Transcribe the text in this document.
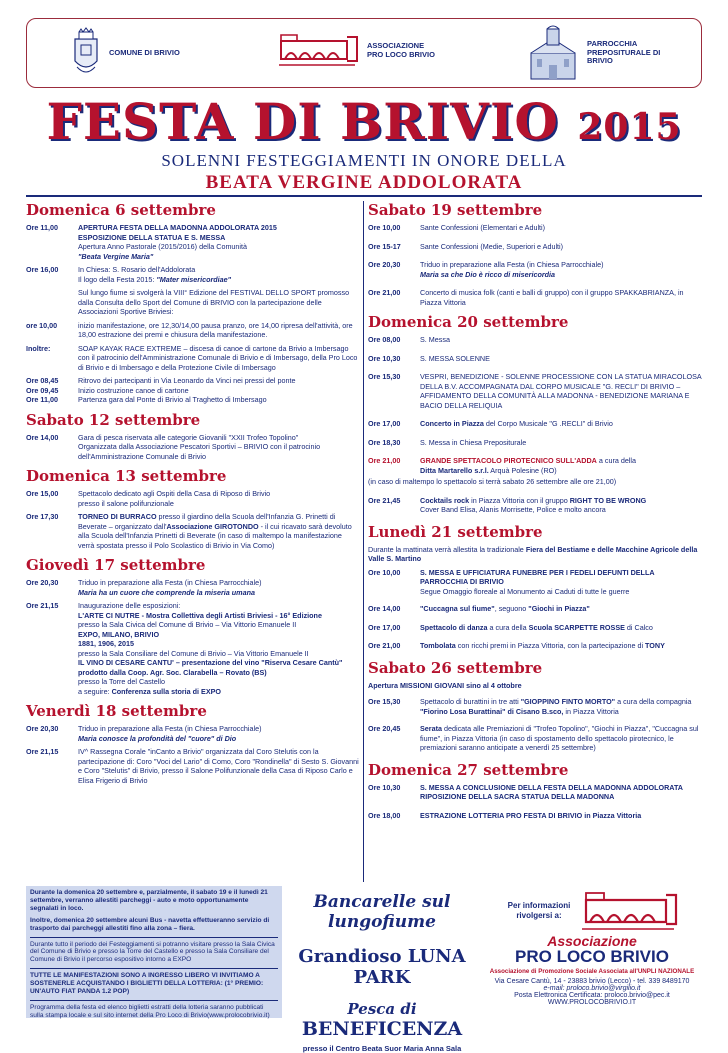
COMUNE DI BRIVIO
ASSOCIAZIONE PRO LOCO BRIVIO
PARROCCHIA PREPOSITURALE DI BRIVIO
FESTA DI BRIVIO 2015
SOLENNI FESTEGGIAMENTI IN ONORE DELLA
BEATA VERGINE ADDOLORATA
Domenica 6 settembre
Ore 11,00	APERTURA FESTA DELLA MADONNA ADDOLORATA 2015
ESPOSIZIONE DELLA STATUA E S. MESSA
Apertura Anno Pastorale (2015/2016) della Comunità
"Beata Vergine Maria"
Ore 16,00	In Chiesa: S. Rosario dell'Addolorata
Il logo della Festa 2015: "Mater misericordiae"
Sul lungo fiume si svolgerà la VIII° Edizione del FESTIVAL DELLO SPORT promosso dalla Consulta dello Sport del Comune di BRIVIO con la partecipazione delle Associazioni Sportive Briviesi:
ore 10,00	inizio manifestazione, ore 12,30/14,00 pausa pranzo, ore 14,00 ripresa dell'attività, ore 18,00 estrazione dei premi e chiusura della manifestazione.
Inoltre:	SOAP KAYAK RACE EXTREME – discesa di canoe di cartone da Brivio a Imbersago con il patrocinio dell'Amministrazione Comunale di Brivio e di Imbersago, della Pro Loco di Brivio e di Imbersago e della Protezione Civile di Imbersago
Ore 08,45	Ritrovo dei partecipanti in Via Leonardo da Vinci nei pressi del ponte
Ore 09,45	Inizio costruzione canoe di cartone
Ore 11,00	Partenza gara dal Ponte di Brivio al Traghetto di Imbersago
Sabato 12 settembre
Ore 14,00	Gara di pesca riservata alle categorie Giovanili "XXII Trofeo Topolino"
Organizzata dalla Associazione Pescatori Sportivi – BRIVIO con il patrocinio dell'Amministrazione Comunale di Brivio
Domenica 13 settembre
Ore 15,00	Spettacolo dedicato agli Ospiti della Casa di Riposo di Brivio
presso il salone polifunzionale
Ore 17,30	TORNEO DI BURRACO presso il giardino della Scuola dell'Infanzia G. Prinetti di Beverate – organizzato dall'Associazione GIROTONDO - il cui ricavato sarà devoluto alla Scuola dell'Infanzia Prinetti di Beverate (in caso di maltempo la manifestazione verrà spostata presso il Polo Scolastico di Brivio in Via Como)
Giovedì 17 settembre
Ore 20,30	Triduo in preparazione alla Festa (in Chiesa Parrocchiale)
Maria ha un cuore che comprende la miseria umana
Ore 21,15	Inaugurazione delle esposizioni:
L'ARTE CI NUTRE - Mostra Collettiva degli Artisti Briviesi - 16° Edizione
presso la Sala Civica del Comune di Brivio – Via Vittorio Emanuele II
EXPO, MILANO, BRIVIO
1881, 1906, 2015
presso la Sala Consiliare del Comune di Brivio – Via Vittorio Emanuele II
IL VINO DI CESARE CANTU' – presentazione del vino "Riserva Cesare Cantù" prodotto dalla Coop. Agr. Soc. Clarabella – Rovato (BS)
presso la Torre del Castello
a seguire: Conferenza sulla storia di EXPO
Venerdì 18 settembre
Ore 20,30	Triduo in preparazione alla Festa (in Chiesa Parrocchiale)
Maria conosce la profondità del "cuore" di Dio
Ore 21,15	IV^ Rassegna Corale "inCanto a Brivio" organizzata dal Coro Stelutis con la partecipazione di: Coro "Voci del Lario" di Como, Coro "Rondinella" di Sesto S. Giovanni e Coro "Stelutis" di Brivio, presso il Salone Polifunzionale della Casa di Riposo Carlo e Elisa Frigerio di Brivio
Sabato 19 settembre
Ore 10,00	Sante Confessioni (Elementari e Adulti)
Ore 15-17	Sante Confessioni (Medie, Superiori e Adulti)
Ore 20,30	Triduo in preparazione alla Festa (in Chiesa Parrocchiale)
Maria sa che Dio è ricco di misericordia
Ore 21,00	Concerto di musica folk (canti e balli di gruppo) con il gruppo SPAKKABRIANZA, in Piazza Vittoria
Domenica 20 settembre
Ore 08,00	S. Messa
Ore 10,30	S. MESSA SOLENNE
Ore 15,30	VESPRI, BENEDIZIONE - SOLENNE PROCESSIONE CON LA STATUA MIRACOLOSA DELLA B.V. ACCOMPAGNATA DAL CORPO MUSICALE "G. RECLI" DI BRIVIO – AFFIDAMENTO DELLA COMUNITÀ ALLA MADONNA - BENEDIZIONE MARIANA E BACIO DELLA RELIQUIA
Ore 17,00	Concerto in Piazza del Corpo Musicale "G .RECLI" di Brivio
Ore 18,30	S. Messa in Chiesa Prepositurale
Ore 21,00	GRANDE SPETTACOLO PIROTECNICO SULL'ADDA a cura della
Ditta Martarello s.r.l. Arquà Polesine (RO)
(in caso di maltempo lo spettacolo si terrà sabato 26 settembre alle ore 21,00)
Ore 21,45	Cocktails rock in Piazza Vittoria con il gruppo RIGHT TO BE WRONG
Cover Band Elisa, Alanis Morrisette, Police e molto ancora
Lunedì 21 settembre
Durante la mattinata verrà allestita la tradizionale Fiera del Bestiame e delle Macchine Agricole della Valle S. Martino
Ore 10,00	S. MESSA E UFFICIATURA FUNEBRE PER I FEDELI DEFUNTI DELLA PARROCCHIA DI BRIVIO
Segue Omaggio floreale al Monumento ai Caduti di tutte le guerre
Ore 14,00	"Cuccagna sul fiume", seguono "Giochi in Piazza"
Ore 17,00	Spettacolo di danza a cura della Scuola SCARPETTE ROSSE di Calco
Ore 21,00	Tombolata con ricchi premi in Piazza Vittoria, con la partecipazione di TONY
Sabato 26 settembre
Apertura MISSIONI GIOVANI sino al 4 ottobre
Ore 15,30	Spettacolo di burattini in tre atti "GIOPPINO FINTO MORTO" a cura della compagnia "Fiorino Losa Burattinai" di Cisano B.sco, in Piazza Vittoria
Ore 20,45	Serata dedicata alle Premiazioni di "Trofeo Topolino", "Giochi in Piazza", "Cuccagna sul fiume", in Piazza Vittoria (in caso di spostamento dello spettacolo pirotecnico, le premiazioni saranno anticipate a venerdì 25 settembre)
Domenica 27 settembre
Ore 10,30	S. MESSA A CONCLUSIONE DELLA FESTA DELLA MADONNA ADDOLORATA RIPOSIZIONE DELLA SACRA STATUA DELLA MADONNA
Ore 18,00	ESTRAZIONE LOTTERIA PRO FESTA DI BRIVIO in Piazza Vittoria

Durante la domenica 20 settembre e, parzialmente, il sabato 19 e il lunedì 21 settembre, verranno allestiti parcheggi - auto e moto opportunamente segnalati in loco.

Inoltre, domenica 20 settembre alcuni Bus - navetta effettueranno servizio di trasporto dai parcheggi allestiti fino alla zona – fiera.

Durante tutto il periodo dei Festeggiamenti si potranno visitare presso la Sala Civica del Comune di Brivio e presso la Torre del Castello e presso la Sala Consiliare del Comune di Brivio il percorso espositivo intorno a EXPO

TUTTE LE MANIFESTAZIONI SONO A INGRESSO LIBERO VI INVITIAMO A SOSTENERLE ACQUISTANDO I BIGLIETTI DELLA LOTTERIA: (1° PREMIO: UN'AUTO FIAT PANDA 1.2 POP)

Programma della festa ed elenco biglietti estratti della lotteria saranno pubblicati sulla stampa locale e sul sito internet della Pro Loco di Brivio(www.prolocobrivio.it)

Bancarelle sul lungofiume
Grandioso LUNA PARK
Pesca di BENEFICENZA
presso il Centro Beata Suor Maria Anna Sala
Per informazioni rivolgersi a:
Associazione
PRO LOCO BRIVIO
Associazione di Promozione Sociale Associata all'UNPLI NAZIONALE
Via Cesare Cantù, 14 - 23883 brivio (Lecco) - tel. 339 8489170
e-mail: proloco.brivio@virgilio.it
Posta Elettronica Certificata: proloco.brivio@pec.it
WWW.PROLOCOBRIVIO.IT
